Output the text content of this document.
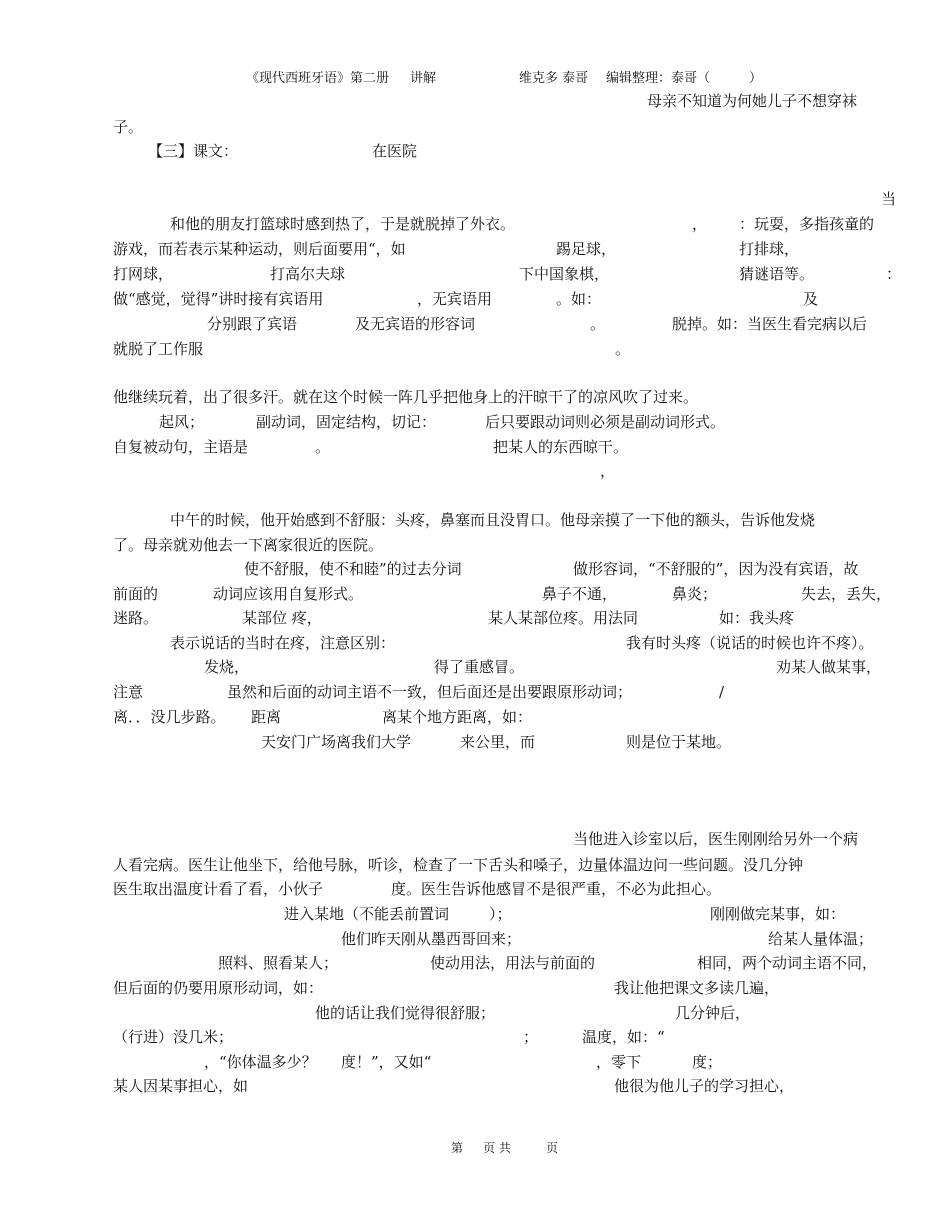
《现代西班牙语》第二册 讲解	维克多 泰哥 编辑整理：泰哥（　　　）
母亲不知道为何她儿子不想穿袜
子。
【三】课文：	在医院
当
和他的朋友打篮球时感到热了，于是就脱掉了外衣。	， ：玩耍，多指孩童的
游戏，而若表示某种运动，则后面要用“，如	踢足球，	打排球，
打网球，	打高尔夫球	下中国象棋，	猜谜语等。	：
做“感觉，觉得”讲时接有宾语用	，无宾语用	。如：	及
分别跟了宾语	及无宾语的形容词	。	脱掉。如：当医生看完病以后
就脱了工作服	。
他继续玩着，出了很多汗。就在这个时候一阵几乎把他身上的汗晾干了的凉风吹了过来。
起风；	副动词，固定结构，切记：	后只要跟动词则必须是副动词形式。
自复被动句，主语是	。	把某人的东西晾干。
，
中午的时候，他开始感到不舒服：头疼，鼻塞而且没胃口。他母亲摸了一下他的额头，告诉他发烧
了。母亲就劝他去一下离家很近的医院。
使不舒服，使不和睦”的过去分词	做形容词，“不舒服的”，因为没有宾语，故
前面的	动词应该用自复形式。	鼻子不通，	鼻炎；	失去，丢失，
迷路。	某部位 疼，	某人某部位疼。用法同	如：我头疼
表示说话的当时在疼，注意区别：	我有时头疼（说话的时候也许不疼）。
发烧，	得了重感冒。	劝某人做某事，
注意	虽然和后面的动词主语不一致，但后面还是出要跟原形动词；	/
离．．没几步路。 距离	离某个地方距离，如：
天安门广场离我们大学	来公里，而	则是位于某地。
当他进入诊室以后，医生刚刚给另外一个病
人看完病。医生让他坐下，给他号脉，听诊，检查了一下舌头和嗓子，边量体温边问一些问题。没几分钟
医生取出温度计看了看，小伙子	度。医生告诉他感冒不是很严重，不必为此担心。
进入某地（不能丢前置词	）；	刚刚做完某事，如：
他们昨天刚从墨西哥回来；	给某人量体温；
照料、照看某人；	使动用法，用法与前面的	相同，两个动词主语不同，
但后面的仍要用原形动词，如：	我让他把课文多读几遍，
他的话让我们觉得很舒服；	几分钟后，
（行进）没几米；	；	温度，如：“
，“你体温多少？ 度！”，又如“	，零下	度；
某人因某事担心，如	他很为他儿子的学习担心，
第 页 共	页
